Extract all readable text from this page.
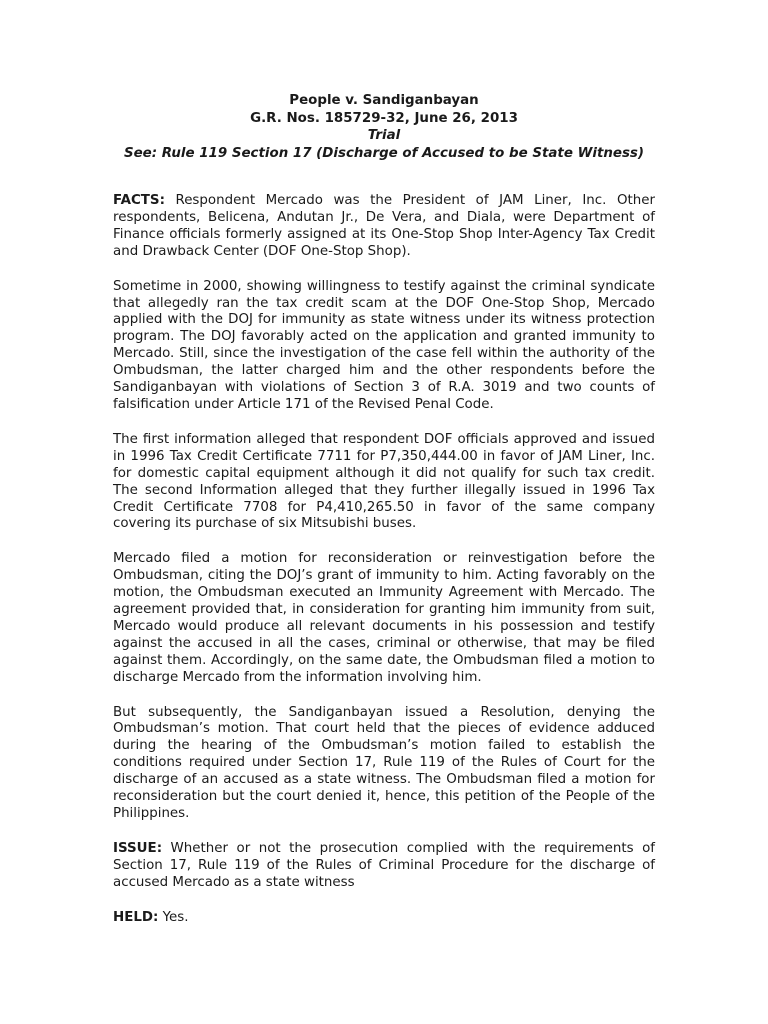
People v. Sandiganbayan
G.R. Nos. 185729-32, June 26, 2013
Trial
See: Rule 119 Section 17 (Discharge of Accused to be State Witness)

FACTS: Respondent Mercado was the President of JAM Liner, Inc. Other respondents, Belicena, Andutan Jr., De Vera, and Diala, were Department of Finance officials formerly assigned at its One-Stop Shop Inter-Agency Tax Credit and Drawback Center (DOF One-Stop Shop).

Sometime in 2000, showing willingness to testify against the criminal syndicate that allegedly ran the tax credit scam at the DOF One-Stop Shop, Mercado applied with the DOJ for immunity as state witness under its witness protection program. The DOJ favorably acted on the application and granted immunity to Mercado. Still, since the investigation of the case fell within the authority of the Ombudsman, the latter charged him and the other respondents before the Sandiganbayan with violations of Section 3 of R.A. 3019 and two counts of falsification under Article 171 of the Revised Penal Code.

The first information alleged that respondent DOF officials approved and issued in 1996 Tax Credit Certificate 7711 for P7,350,444.00 in favor of JAM Liner, Inc. for domestic capital equipment although it did not qualify for such tax credit. The second Information alleged that they further illegally issued in 1996 Tax Credit Certificate 7708 for P4,410,265.50 in favor of the same company covering its purchase of six Mitsubishi buses.

Mercado filed a motion for reconsideration or reinvestigation before the Ombudsman, citing the DOJ’s grant of immunity to him. Acting favorably on the motion, the Ombudsman executed an Immunity Agreement with Mercado. The agreement provided that, in consideration for granting him immunity from suit, Mercado would produce all relevant documents in his possession and testify against the accused in all the cases, criminal or otherwise, that may be filed against them. Accordingly, on the same date, the Ombudsman filed a motion to discharge Mercado from the information involving him.

But subsequently, the Sandiganbayan issued a Resolution, denying the Ombudsman’s motion. That court held that the pieces of evidence adduced during the hearing of the Ombudsman’s motion failed to establish the conditions required under Section 17, Rule 119 of the Rules of Court for the discharge of an accused as a state witness. The Ombudsman filed a motion for reconsideration but the court denied it, hence, this petition of the People of the Philippines.

ISSUE: Whether or not the prosecution complied with the requirements of Section 17, Rule 119 of the Rules of Criminal Procedure for the discharge of accused Mercado as a state witness

HELD: Yes.
